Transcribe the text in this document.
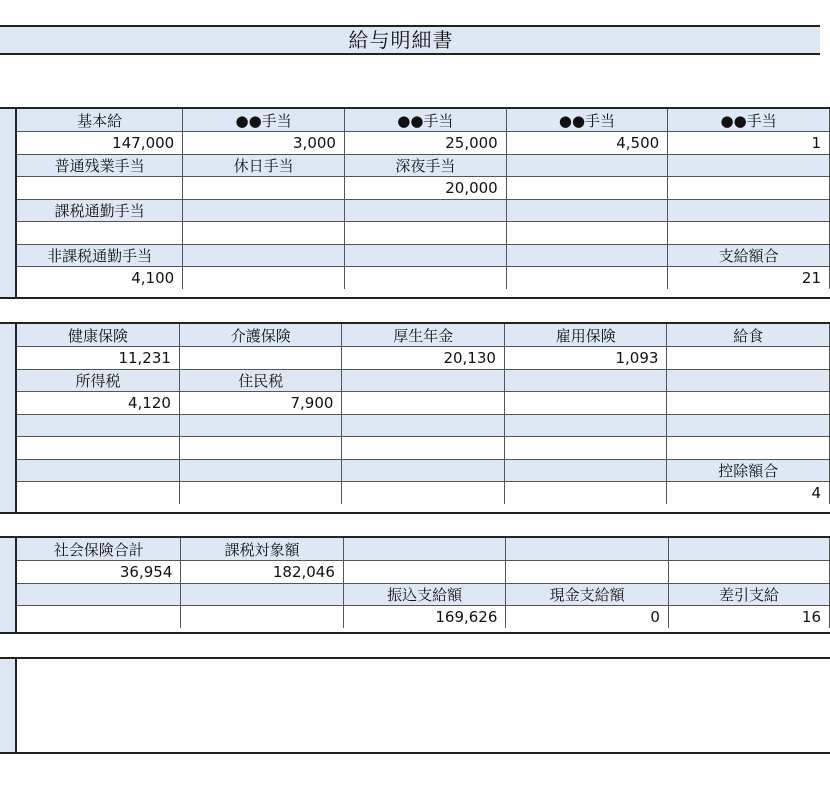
給与明細書
基本給	●●手当	●●手当	●●手当	●●手当
147,000	3,000	25,000	4,500	1
普通残業手当	休日手当	深夜手当		
		20,000		
課税通勤手当				

非課税通勤手当				支給額合
4,100				21
健康保険	介護保険	厚生年金	雇用保険	給食
11,231		20,130	1,093	
所得税	住民税			
4,120	7,900			

				控除額合
				4
社会保険合計	課税対象額			
36,954	182,046			
		振込支給額	現金支給額	差引支給
		169,626	0	16
